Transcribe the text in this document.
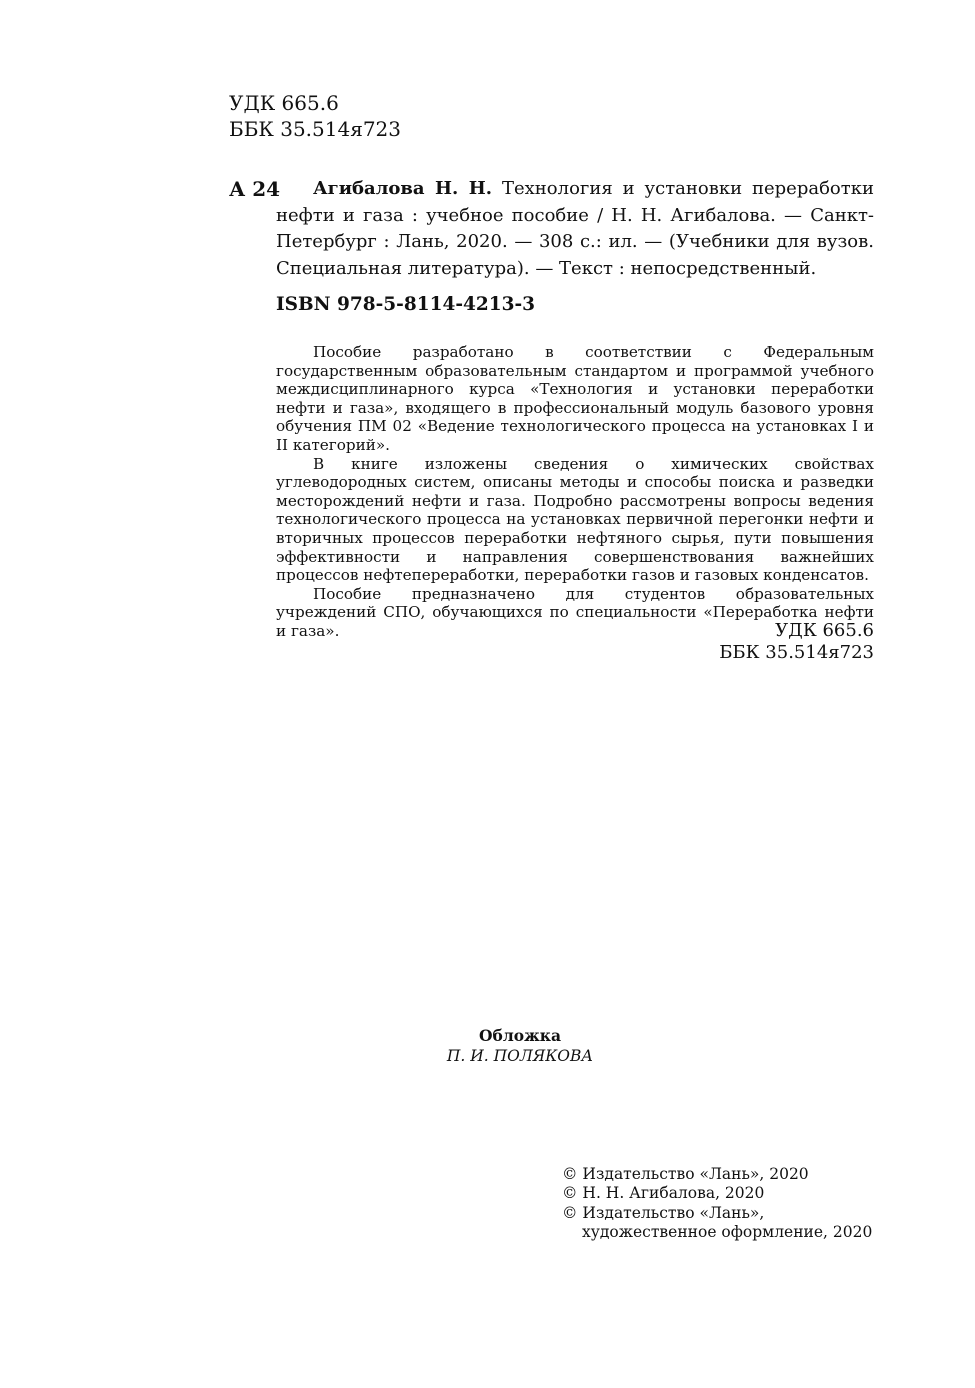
УДК 665.6
ББК 35.514я723
А 24	Агибалова Н. Н. Технология и установки переработки нефти и газа : учебное пособие / Н. Н. Агибалова. — Санкт-Петербург : Лань, 2020. — 308 с.: ил. — (Учебники для вузов. Специальная литература). — Текст : непосредственный.
ISBN 978-5-8114-4213-3

Пособие разработано в соответствии с Федеральным государственным образовательным стандартом и программой учебного междисциплинарного курса «Технология и установки переработки нефти и газа», входящего в профессиональный модуль базового уровня обучения ПМ 02 «Ведение технологического процесса на установках I и II категорий».

В книге изложены сведения о химических свойствах углеводородных систем, описаны методы и способы поиска и разведки месторождений нефти и газа. Подробно рассмотрены вопросы ведения технологического процесса на установках первичной перегонки нефти и вторичных процессов переработки нефтяного сырья, пути повышения эффективности и направления совершенствования важнейших процессов нефтепереработки, переработки газов и газовых конденсатов.

Пособие предназначено для студентов образовательных учреждений СПО, обучающихся по специальности «Переработка нефти и газа».	УДК 665.6
ББК 35.514я723
Обложка
П. И. ПОЛЯКОВА
© Издательство «Лань», 2020
© Н. Н. Агибалова, 2020
© Издательство «Лань»,
художественное оформление, 2020
